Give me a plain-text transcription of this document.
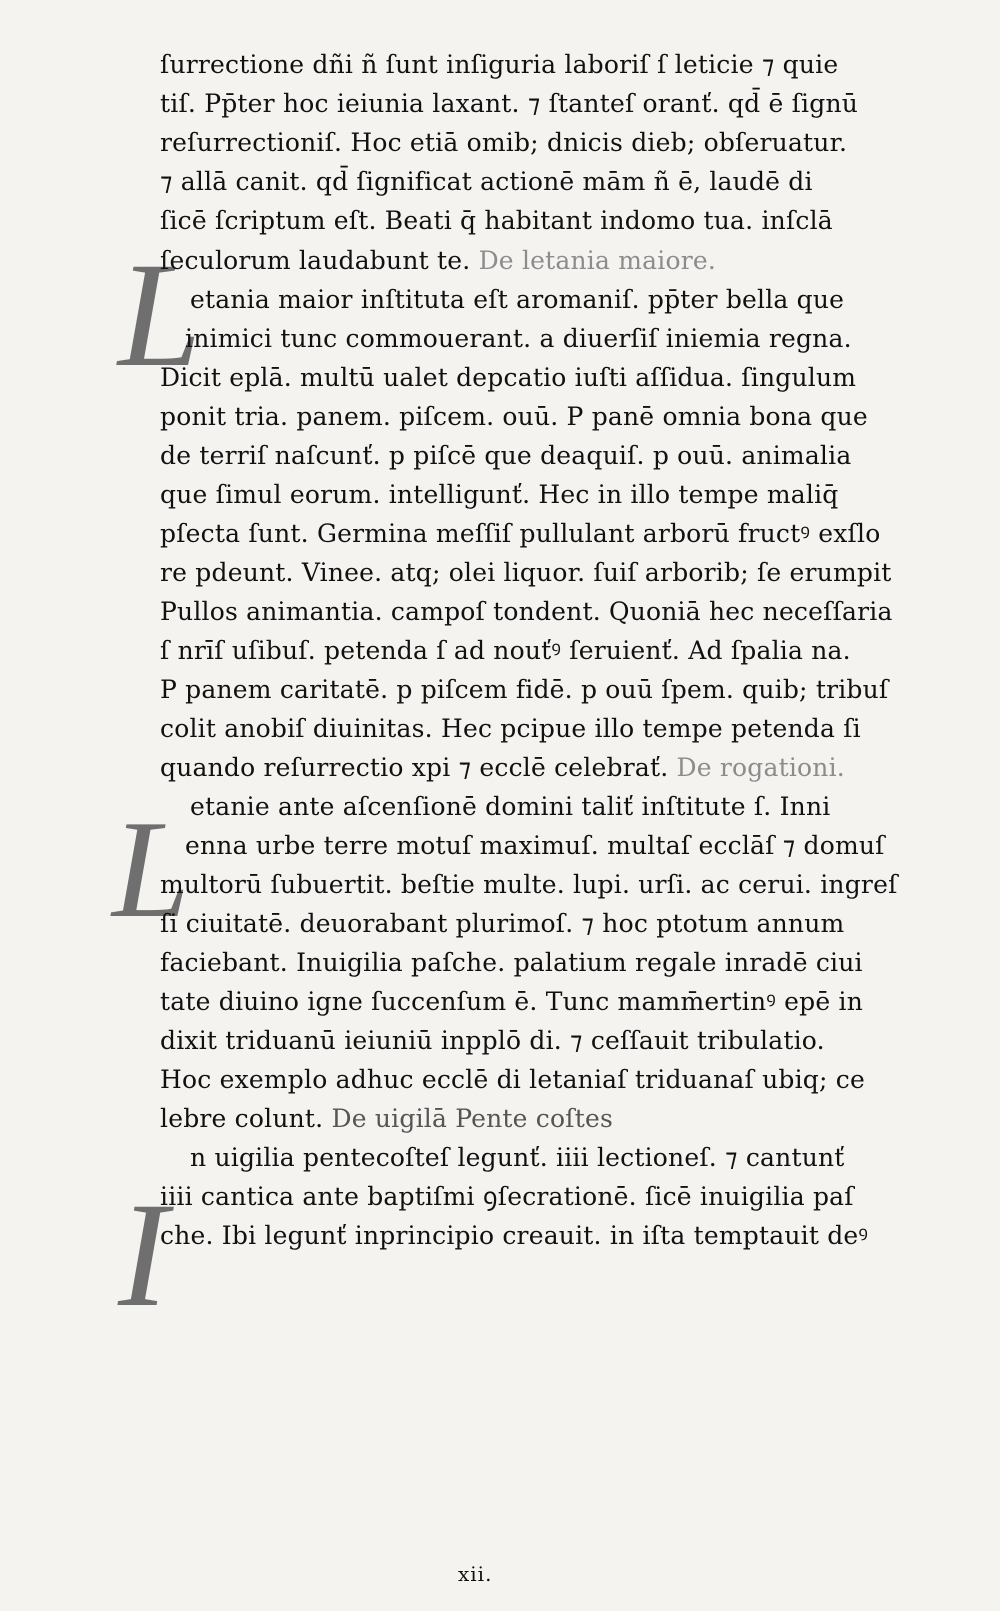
L
L
I
ſurrectione dñi ñ ſunt inſiguria laboriſ ſ leticie ⁊ quie
tiſ. Pp̄ter hoc ieiunia laxant. ⁊ ſtanteſ oranť. qd̄ ē ſignū
reſurrectioniſ. Hoc etiā omib; dnicis dieb; obſeruatur.
⁊ allā canit. qd̄ ſignificat actionē mām ñ ē, laudē di
ſicē ſcriptum eſt. Beati q̄ habitant indomo tua. inſclā
ſeculorum laudabunt te. De letania maiore.
etania maior inſtituta eſt aromaniſ. pp̄ter bella que
inimici tunc commouerant. a diuerſiſ iniemia regna.
Dicit eplā. multū ualet depcatio iuſti aſſidua. ſingulum
ponit tria. panem. piſcem. ouū. P panē omnia bona que
de terriſ naſcunť. p piſcē que deaquiſ. p ouū. animalia
que ſimul eorum. intelligunť. Hec in illo tempe maliq̄
pſecta ſunt. Germina meſſiſ pullulant arborū fructꝰ exſlo
re pdeunt. Vinee. atq; olei liquor. ſuiſ arborib; ſe erumpit
Pullos animantia. campoſ tondent. Quoniā hec neceſſaria
ſ nrīſ uſibuſ. petenda ſ ad nouťꝰ ſeruienť. Ad ſpalia na.
P panem caritatē. p piſcem fidē. p ouū ſpem. quib; tribuſ
colit anobiſ diuinitas. Hec pcipue illo tempe petenda ſi
quando reſurrectio xpi ⁊ ecclē celebrať. De rogationi.
etanie ante aſcenſionē domini taliť inſtitute ſ. Inni
enna urbe terre motuſ maximuſ. multaſ ecclāſ ⁊ domuſ
multorū ſubuertit. beſtie multe. lupi. urſi. ac cerui. ingreſ
ſi ciuitatē. deuorabant plurimoſ. ⁊ hoc ptotum annum
faciebant. Inuigilia paſche. palatium regale inradē ciui
tate diuino igne ſuccenſum ē. Tunc mamm̄ertinꝰ epē in
dixit triduanū ieiuniū inpplō di. ⁊ ceſſauit tribulatio.
Hoc exemplo adhuc ecclē di letaniaſ triduanaſ ubiq; ce
lebre colunt. De uigilā Pente coſtes
n uigilia pentecoſteſ legunť. iiii lectioneſ. ⁊ cantunť
iiii cantica ante baptiſmi ꝯſecrationē. ſicē inuigilia paſ
che. Ibi legunť inprincipio creauit. in iſta temptauit deꝰ
xii.
